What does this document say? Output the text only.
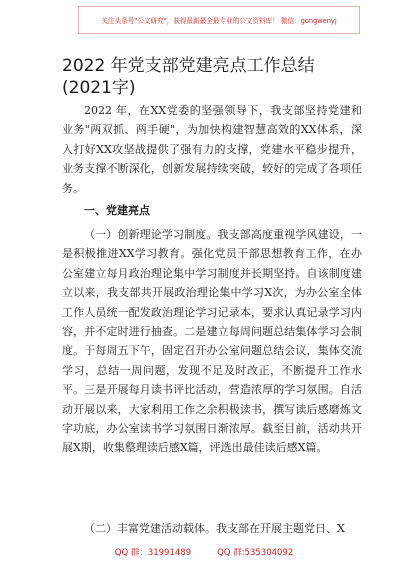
关注头条号"公文研究"，获得最新最全最专业的公文资料库！ 微信：gongwenyj
2022 年党支部党建亮点工作总结(2021字)

2022 年，在XX党委的坚强领导下，我支部坚持党建和业务"两双抓、两手硬"，为加快构建智慧高效的XX体系，深入打好XX攻坚战提供了强有力的支撑，党建水平稳步提升，业务支撑不断深化，创新发展持续突破，较好的完成了各项任务。

一、党建亮点

（一）创新理论学习制度。我支部高度重视学风建设，一是积极推进XX学习教育。强化党员干部思想教育工作，在办公室建立每月政治理论集中学习制度并长期坚持。自该制度建立以来，我支部共开展政治理论集中学习X次，为办公室全体工作人员统一配发政治理论学习记录本，要求认真记录学习内容，并不定时进行抽查。二是建立每周问题总结集体学习会制度。于每周五下午，固定召开办公室问题总结会议，集体交流学习，总结一周问题，发现不足及时改正，不断提升工作水平。三是开展每月读书评比活动，营造浓厚的学习氛围。自活动开展以来，大家利用工作之余积极读书，撰写读后感磨炼文字功底，办公室读书学习氛围日渐浓厚。截至目前，活动共开展X期，收集整理读后感X篇，评选出最佳读后感X篇。

（二）丰富党建活动载体。我支部在开展主题党日、X

QQ 群：31991489	QQ 群:535304092
